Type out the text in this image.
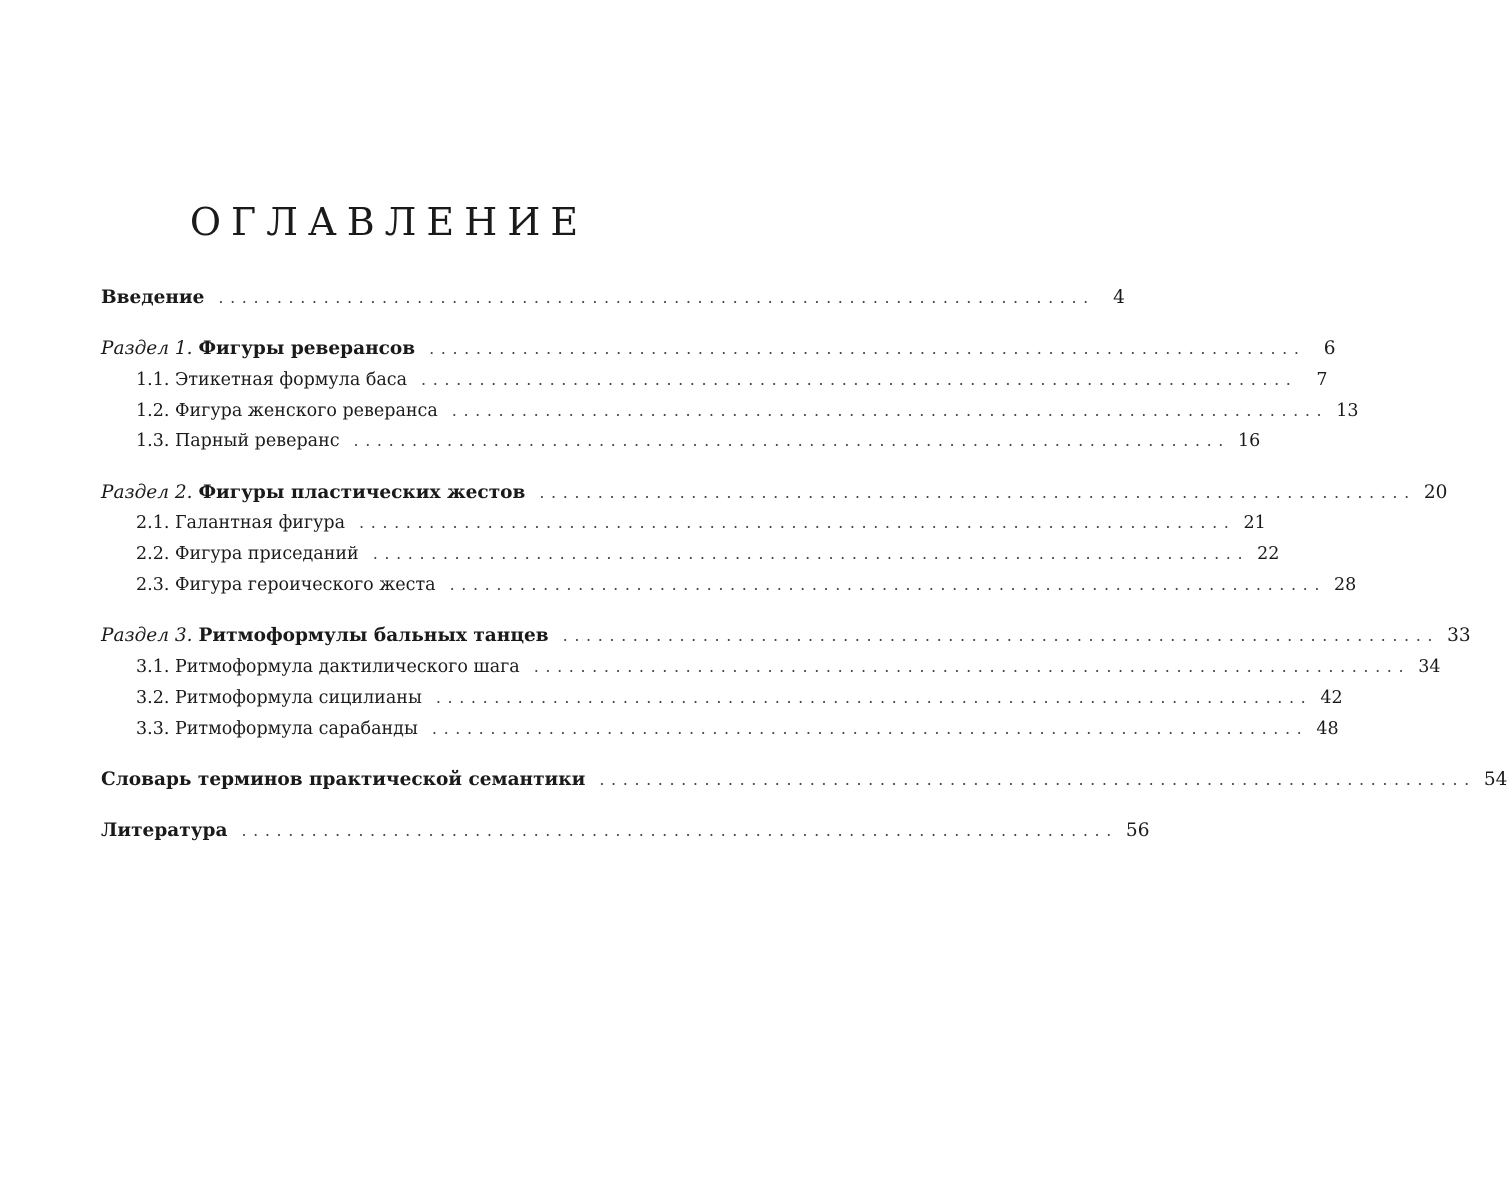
ОГЛАВЛЕНИЕ
Введение ........................................................................... 4
Раздел 1. Фигуры реверансов ........................................................................... 6
1.1. Этикетная формула баса ...........................................................................	7
1.2. Фигура женского реверанса ........................................................................... 13
1.3. Парный реверанс ........................................................................... 16
Раздел 2. Фигуры пластических жестов ........................................................................... 20
2.1. Галантная фигура ........................................................................... 21
2.2. Фигура приседаний ........................................................................... 22
2.3. Фигура героического жеста ........................................................................... 28
Раздел 3. Ритмоформулы бальных танцев ........................................................................... 33
3.1. Ритмоформула дактилического шага ........................................................................... 34
3.2. Ритмоформула сицилианы ........................................................................... 42
3.3. Ритмоформула сарабанды ........................................................................... 48
Словарь терминов практической семантики ........................................................................... 54
Литература ........................................................................... 56
